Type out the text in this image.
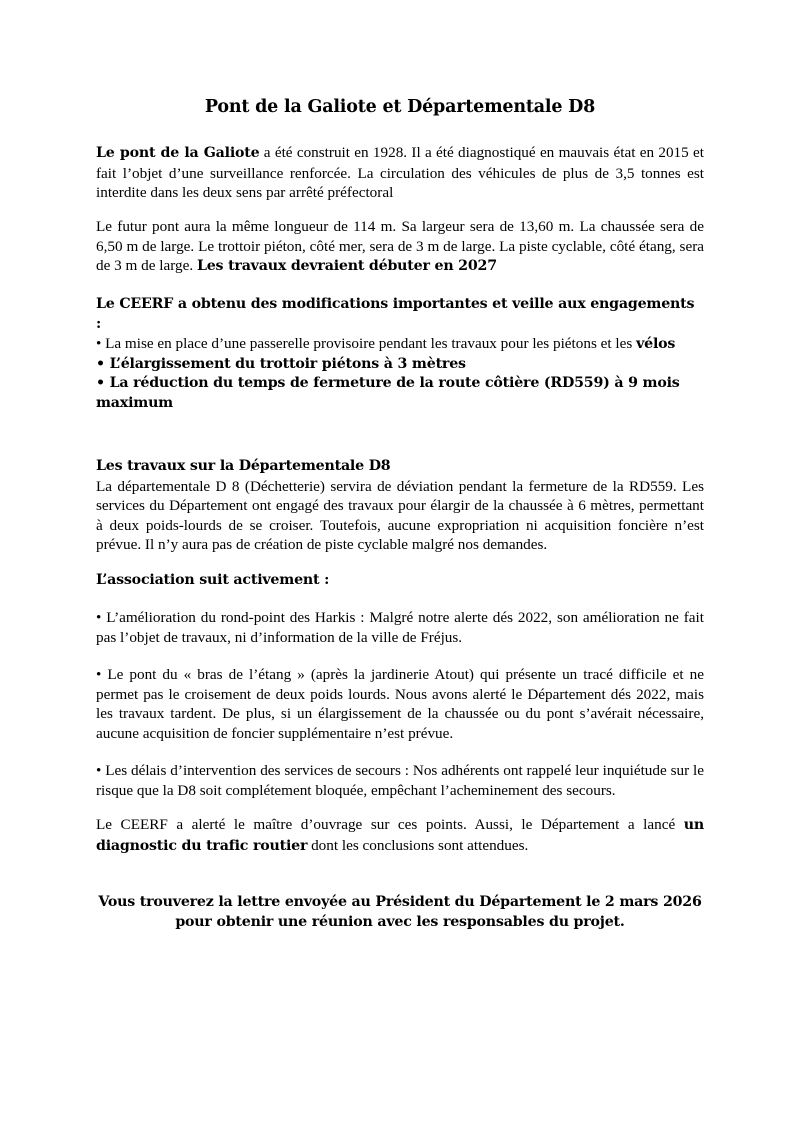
Pont de la Galiote et Départementale D8
Le pont de la Galiote a été construit en 1928. Il a été diagnostiqué en mauvais état en 2015 et fait l’objet d’une surveillance renforcée. La circulation des véhicules de plus de 3,5 tonnes est interdite dans les deux sens par arrêté préfectoral
Le futur pont aura la même longueur de 114 m. Sa largeur sera de 13,60 m. La chaussée sera de 6,50 m de large. Le trottoir piéton, côté mer, sera de 3 m de large. La piste cyclable, côté étang, sera de 3 m de large. Les travaux devraient débuter en 2027
Le CEERF a obtenu des modifications importantes et veille aux engagements :
• La mise en place d’une passerelle provisoire pendant les travaux pour les piétons et les vélos
• L’élargissement du trottoir piétons à 3 mètres
• La réduction du temps de fermeture de la route côtière (RD559) à 9 mois maximum
Les travaux sur la Départementale D8
La départementale D 8 (Déchetterie) servira de déviation pendant la fermeture de la RD559. Les services du Département ont engagé des travaux pour élargir de la chaussée à 6 mètres, permettant à deux poids-lourds de se croiser. Toutefois, aucune expropriation ni acquisition foncière n’est prévue. Il n’y aura pas de création de piste cyclable malgré nos demandes.
L’association suit activement :
• L’amélioration du rond-point des Harkis : Malgré notre alerte dés 2022, son amélioration ne fait pas l’objet de travaux, ni d’information de la ville de Fréjus.
• Le pont du « bras de l’étang » (après la jardinerie Atout) qui présente un tracé difficile et ne permet pas le croisement de deux poids lourds. Nous avons alerté le Département dés 2022, mais les travaux tardent. De plus, si un élargissement de la chaussée ou du pont s’avérait nécessaire, aucune acquisition de foncier supplémentaire n’est prévue.
• Les délais d’intervention des services de secours : Nos adhérents ont rappelé leur inquiétude sur le risque que la D8 soit complétement bloquée, empêchant l’acheminement des secours.
Le CEERF a alerté le maître d’ouvrage sur ces points. Aussi, le Département a lancé un diagnostic du trafic routier dont les conclusions sont attendues.
Vous trouverez la lettre envoyée au Président du Département le 2 mars 2026
pour obtenir une réunion avec les responsables du projet.
